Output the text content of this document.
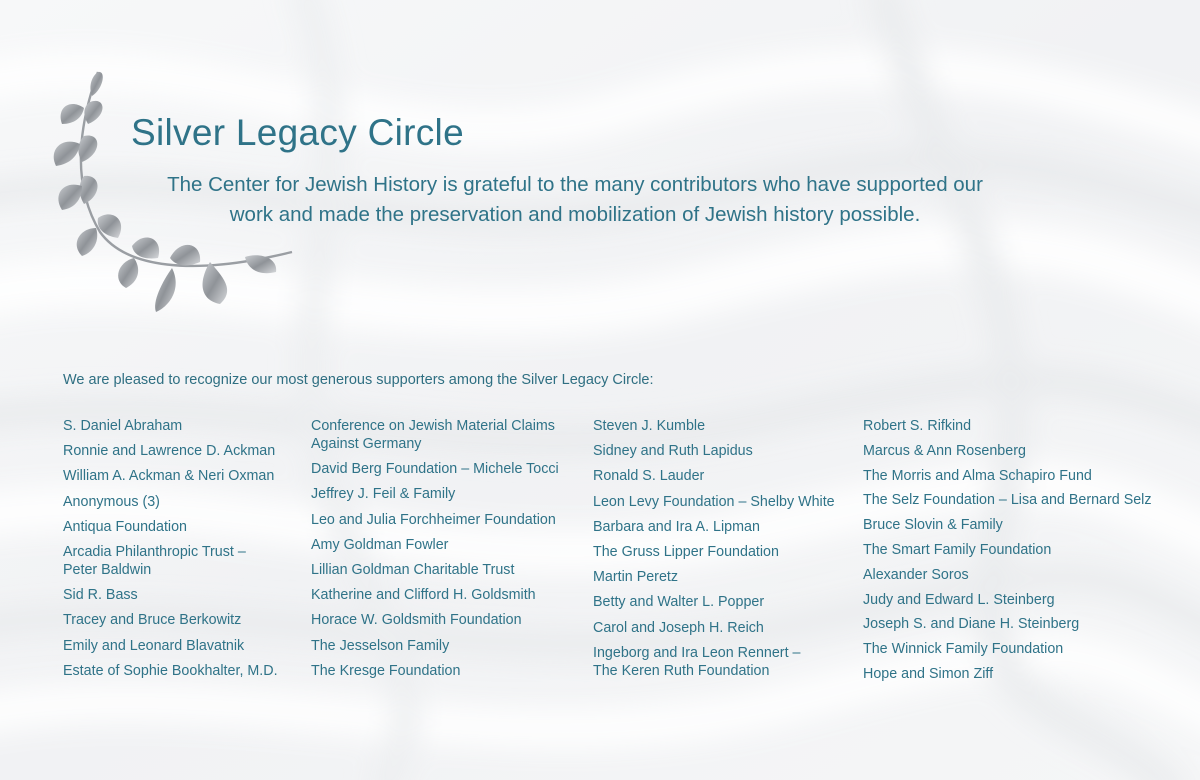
Silver Legacy Circle

The Center for Jewish History is grateful to the many contributors who have supported our work and made the preservation and mobilization of Jewish history possible.

We are pleased to recognize our most generous supporters among the Silver Legacy Circle:

S. Daniel Abraham
Ronnie and Lawrence D. Ackman
William A. Ackman & Neri Oxman
Anonymous (3)
Antiqua Foundation
Arcadia Philanthropic Trust –
Peter Baldwin
Sid R. Bass
Tracey and Bruce Berkowitz
Emily and Leonard Blavatnik
Estate of Sophie Bookhalter, M.D.
Conference on Jewish Material Claims
Against Germany
David Berg Foundation – Michele Tocci
Jeffrey J. Feil & Family
Leo and Julia Forchheimer Foundation
Amy Goldman Fowler
Lillian Goldman Charitable Trust
Katherine and Clifford H. Goldsmith
Horace W. Goldsmith Foundation
The Jesselson Family
The Kresge Foundation
Steven J. Kumble
Sidney and Ruth Lapidus
Ronald S. Lauder
Leon Levy Foundation – Shelby White
Barbara and Ira A. Lipman
The Gruss Lipper Foundation
Martin Peretz
Betty and Walter L. Popper
Carol and Joseph H. Reich
Ingeborg and Ira Leon Rennert –
The Keren Ruth Foundation
Robert S. Rifkind
Marcus & Ann Rosenberg
The Morris and Alma Schapiro Fund
The Selz Foundation – Lisa and Bernard Selz
Bruce Slovin & Family
The Smart Family Foundation
Alexander Soros
Judy and Edward L. Steinberg
Joseph S. and Diane H. Steinberg
The Winnick Family Foundation
Hope and Simon Ziff
